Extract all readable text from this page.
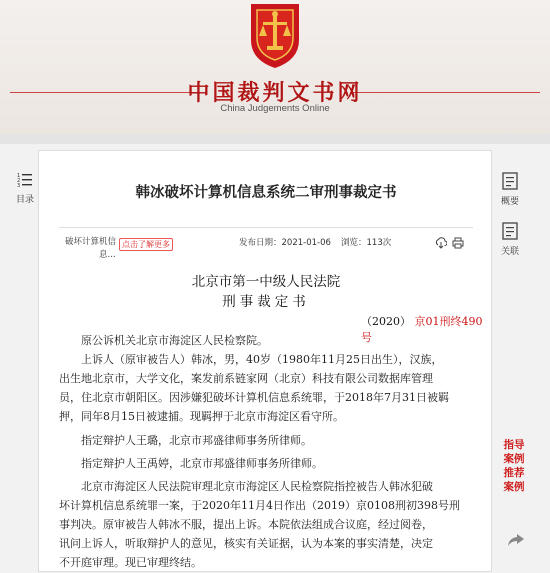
中国裁判文书网
China Judgements Online
1
2
3
目录	概要
关联
韩冰破坏计算机信息系统二审刑事裁定书
破坏计算机信
息...
点击了解更多	发布日期：2021-01-06 浏览：113次
北京市第一中级人民法院
刑事裁定书
（2020） 京01刑终490号

原公诉机关北京市海淀区人民检察院。

上诉人（原审被告人）韩冰，男，40岁（1980年11月25日出生），汉族，

出生地北京市，大学文化，案发前系链家网（北京）科技有限公司数据库管理

员，住北京市朝阳区。因涉嫌犯破坏计算机信息系统罪，于2018年7月31日被羁

押，同年8月15日被逮捕。现羁押于北京市海淀区看守所。

指定辩护人王璐，北京市邦盛律师事务所律师。

指定辩护人王禹婷，北京市邦盛律师事务所律师。

北京市海淀区人民法院审理北京市海淀区人民检察院指控被告人韩冰犯破

坏计算机信息系统罪一案，于2020年11月4日作出（2019）京0108刑初398号刑

事判决。原审被告人韩冰不服，提出上诉。本院依法组成合议庭，经过阅卷，

讯问上诉人，听取辩护人的意见，核实有关证据，认为本案的事实清楚，决定

不开庭审理。现已审理终结。

指导
案例
推荐
案例
